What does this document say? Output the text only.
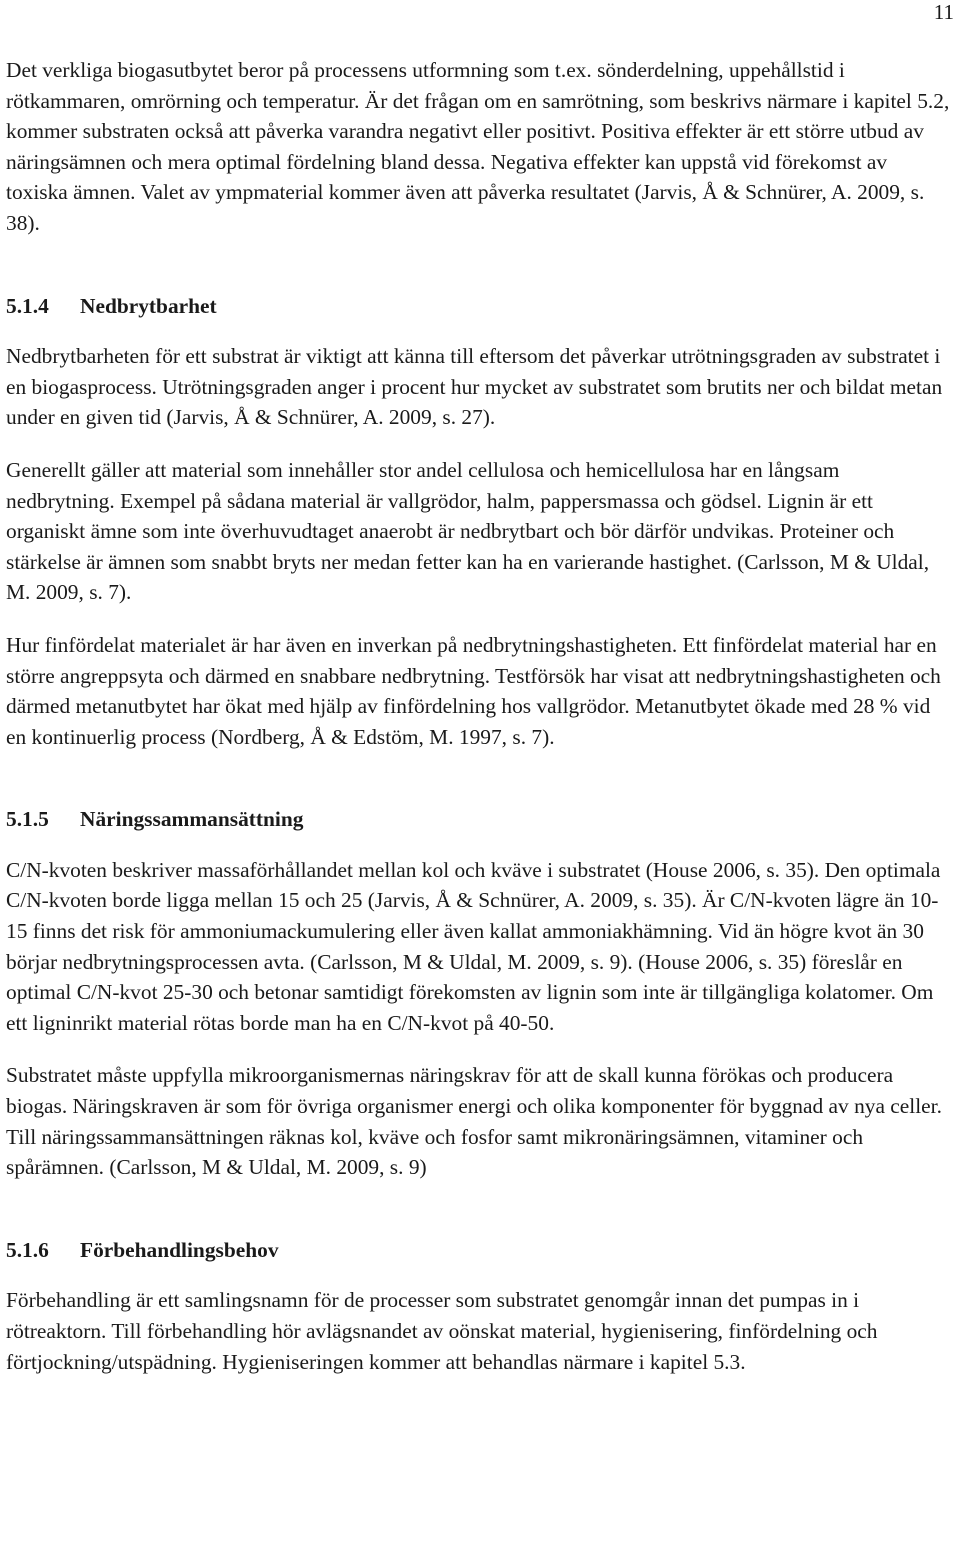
11

Det verkliga biogasutbytet beror på processens utformning som t.ex. sönderdelning, uppehållstid i rötkammaren, omrörning och temperatur. Är det frågan om en samrötning, som beskrivs närmare i kapitel 5.2, kommer substraten också att påverka varandra negativt eller positivt. Positiva effekter är ett större utbud av näringsämnen och mera optimal fördelning bland dessa. Negativa effekter kan uppstå vid förekomst av toxiska ämnen. Valet av ympmaterial kommer även att påverka resultatet (Jarvis, Å & Schnürer, A. 2009, s. 38).

5.1.4	Nedbrytbarhet

Nedbrytbarheten för ett substrat är viktigt att känna till eftersom det påverkar utrötningsgraden av substratet i en biogasprocess. Utrötningsgraden anger i procent hur mycket av substratet som brutits ner och bildat metan under en given tid (Jarvis, Å & Schnürer, A. 2009, s. 27).

Generellt gäller att material som innehåller stor andel cellulosa och hemicellulosa har en långsam nedbrytning. Exempel på sådana material är vallgrödor, halm, pappersmassa och gödsel. Lignin är ett organiskt ämne som inte överhuvudtaget anaerobt är nedbrytbart och bör därför undvikas. Proteiner och stärkelse är ämnen som snabbt bryts ner medan fetter kan ha en varierande hastighet. (Carlsson, M & Uldal, M. 2009, s. 7).

Hur finfördelat materialet är har även en inverkan på nedbrytningshastigheten. Ett finfördelat material har en större angreppsyta och därmed en snabbare nedbrytning. Testförsök har visat att nedbrytningshastigheten och därmed metanutbytet har ökat med hjälp av finfördelning hos vallgrödor. Metanutbytet ökade med 28 % vid en kontinuerlig process (Nordberg, Å & Edstöm, M. 1997, s. 7).

5.1.5	Näringssammansättning

C/N-kvoten beskriver massaförhållandet mellan kol och kväve i substratet (House 2006, s. 35). Den optimala C/N-kvoten borde ligga mellan 15 och 25 (Jarvis, Å & Schnürer, A. 2009, s. 35). Är C/N-kvoten lägre än 10-15 finns det risk för ammoniumackumulering eller även kallat ammoniakhämning. Vid än högre kvot än 30 börjar nedbrytningsprocessen avta. (Carlsson, M & Uldal, M. 2009, s. 9). (House 2006, s. 35) föreslår en optimal C/N-kvot 25-30 och betonar samtidigt förekomsten av lignin som inte är tillgängliga kolatomer. Om ett ligninrikt material rötas borde man ha en C/N-kvot på 40-50.

Substratet måste uppfylla mikroorganismernas näringskrav för att de skall kunna förökas och producera biogas. Näringskraven är som för övriga organismer energi och olika komponenter för byggnad av nya celler. Till näringssammansättningen räknas kol, kväve och fosfor samt mikronäringsämnen, vitaminer och spårämnen. (Carlsson, M & Uldal, M. 2009, s. 9)

5.1.6	Förbehandlingsbehov

Förbehandling är ett samlingsnamn för de processer som substratet genomgår innan det pumpas in i rötreaktorn. Till förbehandling hör avlägsnandet av oönskat material, hygienisering, finfördelning och förtjockning/utspädning. Hygieniseringen kommer att behandlas närmare i kapitel 5.3.
